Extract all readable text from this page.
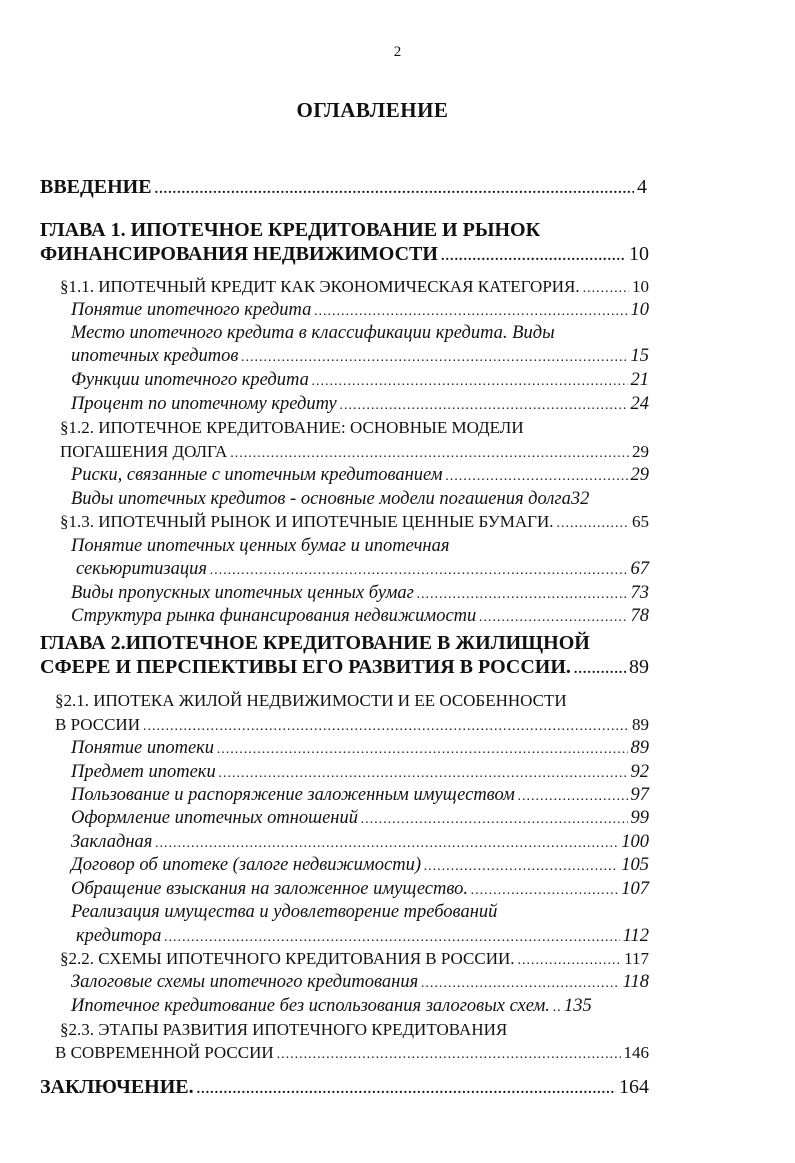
2
ОГЛАВЛЕНИЕ
ВВЕДЕНИЕ .....	4
ГЛАВА 1. ИПОТЕЧНОЕ КРЕДИТОВАНИЕ И РЫНОК
ФИНАНСИРОВАНИЯ НЕДВИЖИМОСТИ .....	10
§1.1. ИПОТЕЧНЫЙ КРЕДИТ КАК ЭКОНОМИЧЕСКАЯ КАТЕГОРИЯ. .....	10
Понятие ипотечного кредита .....	10
Место ипотечного кредита в классификации кредита. Виды
ипотечных кредитов .....	15
Функции ипотечного кредита .....	21
Процент по ипотечному кредиту .....	24
§1.2. ИПОТЕЧНОЕ КРЕДИТОВАНИЕ: ОСНОВНЫЕ МОДЕЛИ
ПОГАШЕНИЯ ДОЛГА .....	29
Риски, связанные с ипотечным кредитованием .....	29
Виды ипотечных кредитов - основные модели погашения долга 32
§1.3. ИПОТЕЧНЫЙ РЫНОК И ИПОТЕЧНЫЕ ЦЕННЫЕ БУМАГИ. .....	65
Понятие ипотечных ценных бумаг и ипотечная
секьюритизация .....	67
Виды пропускных ипотечных ценных бумаг .....	73
Структура рынка финансирования недвижимости .....	78
ГЛАВА 2.ИПОТЕЧНОЕ КРЕДИТОВАНИЕ В ЖИЛИЩНОЙ
СФЕРЕ И ПЕРСПЕКТИВЫ ЕГО РАЗВИТИЯ В РОССИИ. .....	89
§2.1. ИПОТЕКА ЖИЛОЙ НЕДВИЖИМОСТИ И ЕЕ ОСОБЕННОСТИ
В РОССИИ .....	89
Понятие ипотеки .....	89
Предмет ипотеки .....	92
Пользование и распоряжение заложенным имуществом .....	97
Оформление ипотечных отношений .....	99
Закладная .....	100
Договор об ипотеке (залоге недвижимости) .....	105
Обращение взыскания на заложенное имущество. .....	107
Реализация имущества и удовлетворение требований
кредитора .....	112
§2.2. СХЕМЫ ИПОТЕЧНОГО КРЕДИТОВАНИЯ В РОССИИ. .....	117
Залоговые схемы ипотечного кредитования .....	118
Ипотечное кредитование без использования залоговых схем. ..... 135
§2.3. ЭТАПЫ РАЗВИТИЯ ИПОТЕЧНОГО КРЕДИТОВАНИЯ
В СОВРЕМЕННОЙ РОССИИ .....	146
ЗАКЛЮЧЕНИЕ. .....	164
